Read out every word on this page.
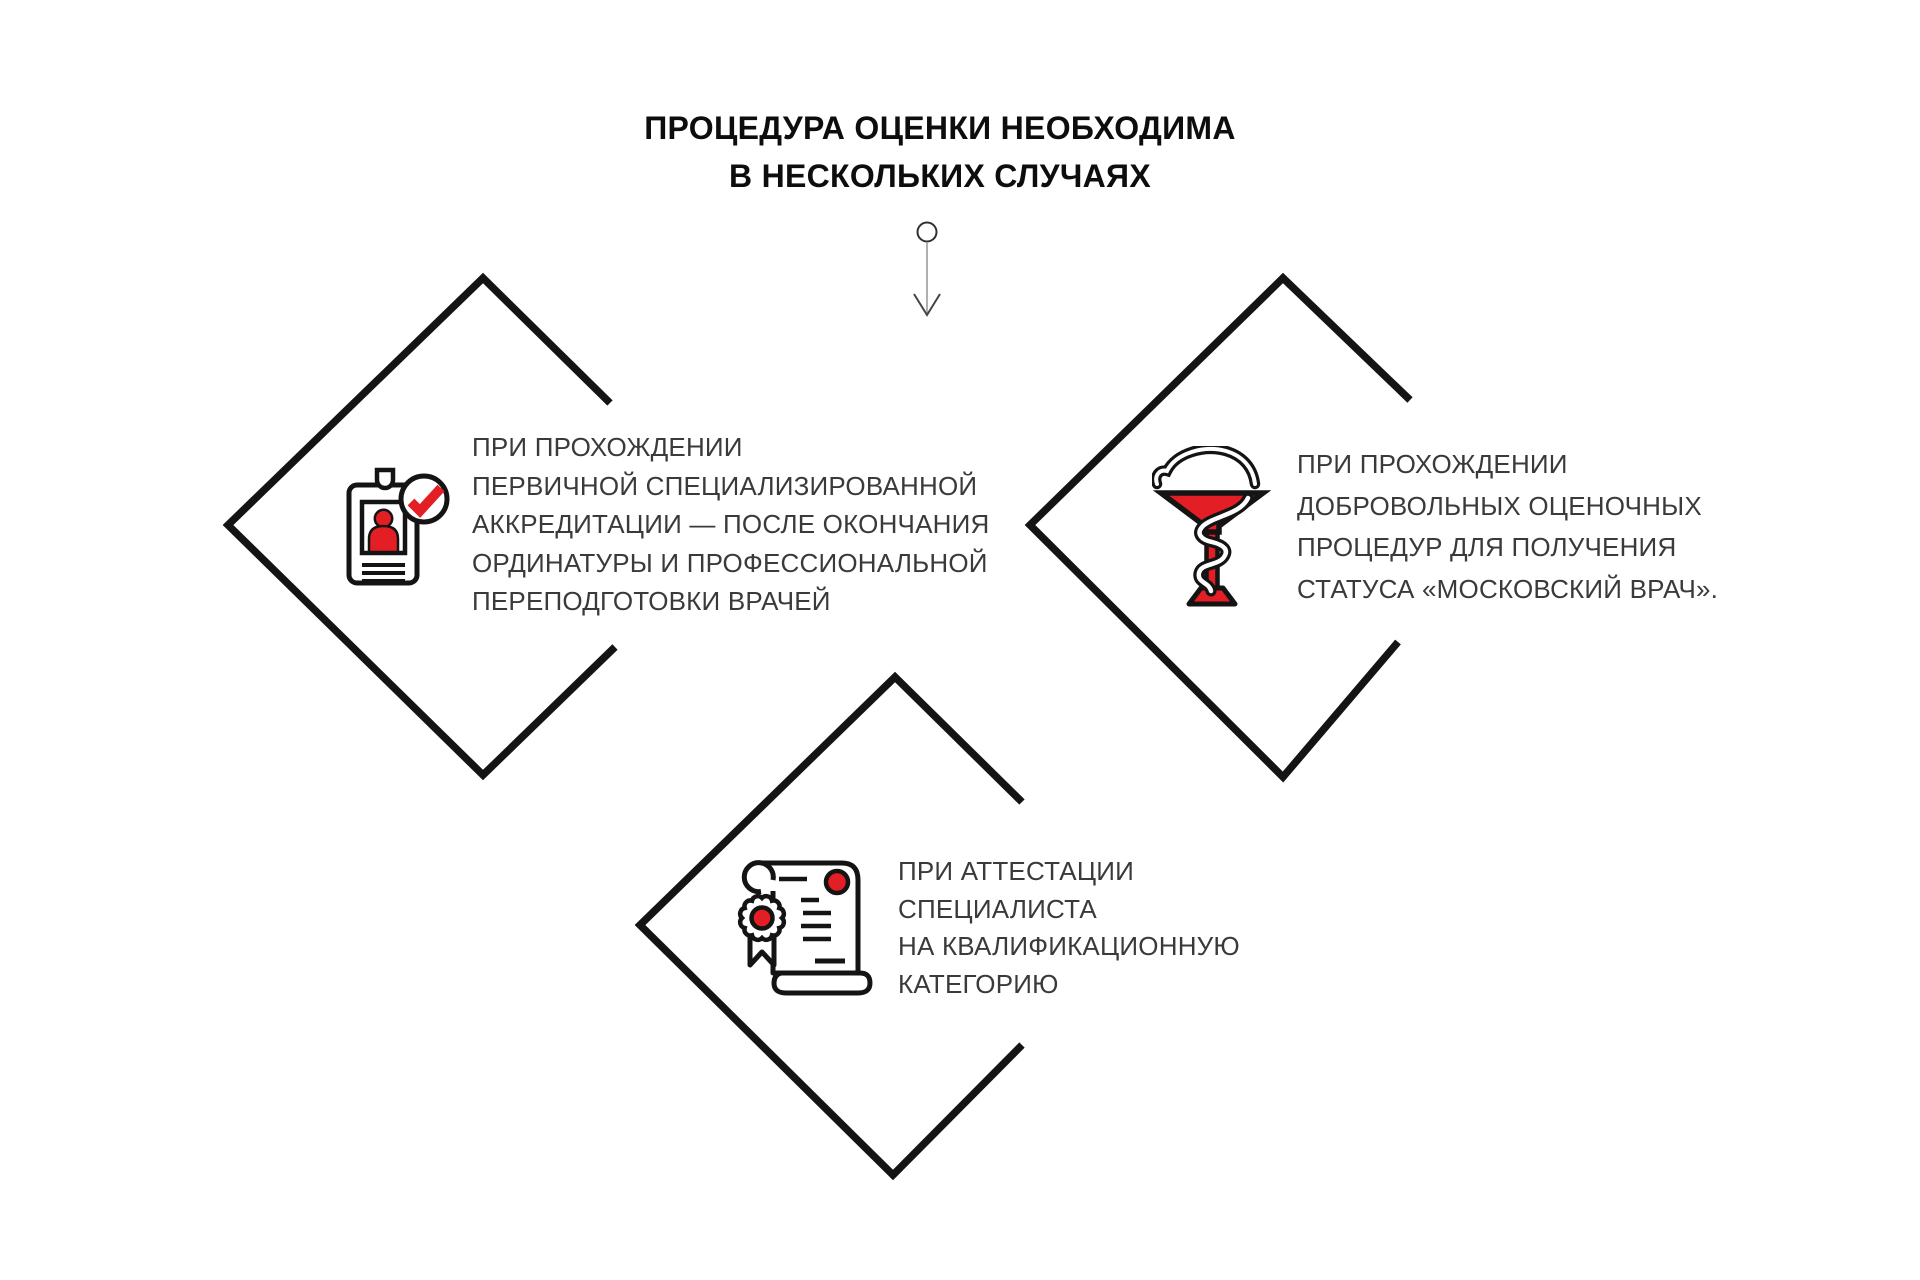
ПРОЦЕДУРА ОЦЕНКИ НЕОБХОДИМА
В НЕСКОЛЬКИХ СЛУЧАЯХ
ПРИ ПРОХОЖДЕНИИ
ПЕРВИЧНОЙ СПЕЦИАЛИЗИРОВАННОЙ
АККРЕДИТАЦИИ — ПОСЛЕ ОКОНЧАНИЯ
ОРДИНАТУРЫ И ПРОФЕССИОНАЛЬНОЙ
ПЕРЕПОДГОТОВКИ ВРАЧЕЙ
ПРИ ПРОХОЖДЕНИИ
ДОБРОВОЛЬНЫХ ОЦЕНОЧНЫХ
ПРОЦЕДУР ДЛЯ ПОЛУЧЕНИЯ
СТАТУСА «МОСКОВСКИЙ ВРАЧ».
ПРИ АТТЕСТАЦИИ
СПЕЦИАЛИСТА
НА КВАЛИФИКАЦИОННУЮ
КАТЕГОРИЮ
